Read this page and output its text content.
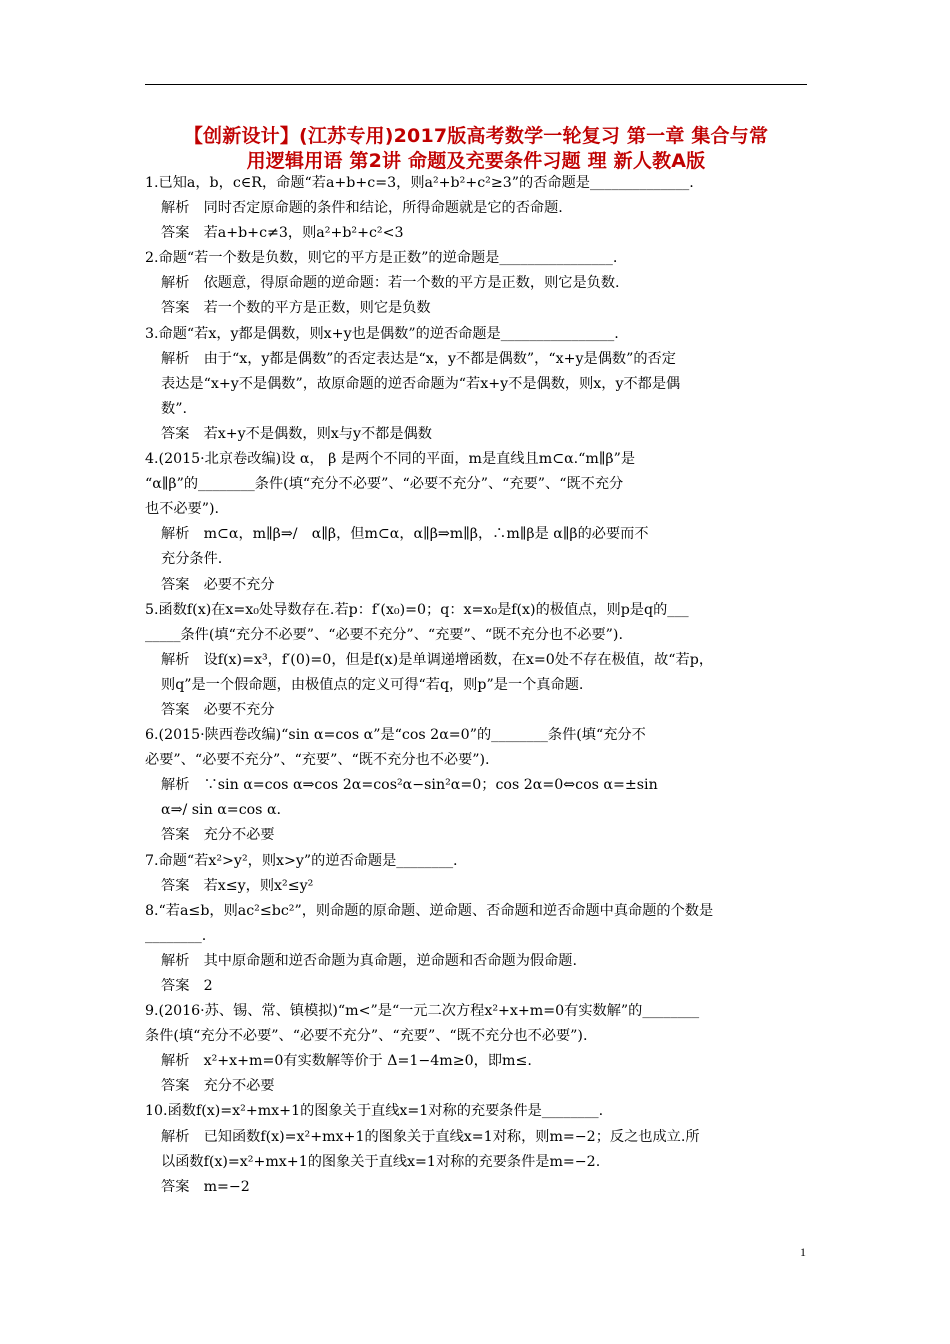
【创新设计】(江苏专用)2017版高考数学一轮复习 第一章 集合与常
用逻辑用语 第2讲 命题及充要条件习题 理 新人教A版
1.已知a，b，c∈R，命题“若a+b+c=3，则a²+b²+c²≥3”的否命题是______________.
解析　同时否定原命题的条件和结论，所得命题就是它的否命题.
答案　若a+b+c≠3，则a²+b²+c²<3
2.命题“若一个数是负数，则它的平方是正数”的逆命题是________________.
解析　依题意，得原命题的逆命题：若一个数的平方是正数，则它是负数.
答案　若一个数的平方是正数，则它是负数
3.命题“若x，y都是偶数，则x+y也是偶数”的逆否命题是________________.
解析　由于“x，y都是偶数”的否定表达是“x，y不都是偶数”，“x+y是偶数”的否定
表达是“x+y不是偶数”，故原命题的逆否命题为“若x+y不是偶数，则x，y不都是偶
数”.
答案　若x+y不是偶数，则x与y不都是偶数
4.(2015·北京卷改编)设 α， β 是两个不同的平面，m是直线且m⊂α.“m∥β”是
“α∥β”的________条件(填“充分不必要”、“必要不充分”、“充要”、“既不充分
也不必要”).
解析　m⊂α，m∥β⇒/　α∥β，但m⊂α，α∥β⇒m∥β，∴m∥β是 α∥β的必要而不
充分条件.
答案　必要不充分
5.函数f(x)在x=x₀处导数存在.若p：f′(x₀)=0；q：x=x₀是f(x)的极值点，则p是q的___
_____条件(填“充分不必要”、“必要不充分”、“充要”、“既不充分也不必要”).
解析　设f(x)=x³，f′(0)=0，但是f(x)是单调递增函数，在x=0处不存在极值，故“若p，
则q”是一个假命题，由极值点的定义可得“若q，则p”是一个真命题.
答案　必要不充分
6.(2015·陕西卷改编)“sin α=cos α”是“cos 2α=0”的________条件(填“充分不
必要”、“必要不充分”、“充要”、“既不充分也不必要”).
解析　∵sin α=cos α⇒cos 2α=cos²α−sin²α=0；cos 2α=0⇔cos α=±sin
α⇒/ sin α=cos α.
答案　充分不必要
7.命题“若x²>y²，则x>y”的逆否命题是________.
答案　若x≤y，则x²≤y²
8.“若a≤b，则ac²≤bc²”，则命题的原命题、逆命题、否命题和逆否命题中真命题的个数是
________.
解析　其中原命题和逆否命题为真命题，逆命题和否命题为假命题.
答案　2
9.(2016·苏、锡、常、镇模拟)“m<”是“一元二次方程x²+x+m=0有实数解”的________
条件(填“充分不必要”、“必要不充分”、“充要”、“既不充分也不必要”).
解析　x²+x+m=0有实数解等价于 Δ=1−4m≥0，即m≤.
答案　充分不必要
10.函数f(x)=x²+mx+1的图象关于直线x=1对称的充要条件是________.
解析　已知函数f(x)=x²+mx+1的图象关于直线x=1对称，则m=−2；反之也成立.所
以函数f(x)=x²+mx+1的图象关于直线x=1对称的充要条件是m=−2.
答案　m=−2
1
